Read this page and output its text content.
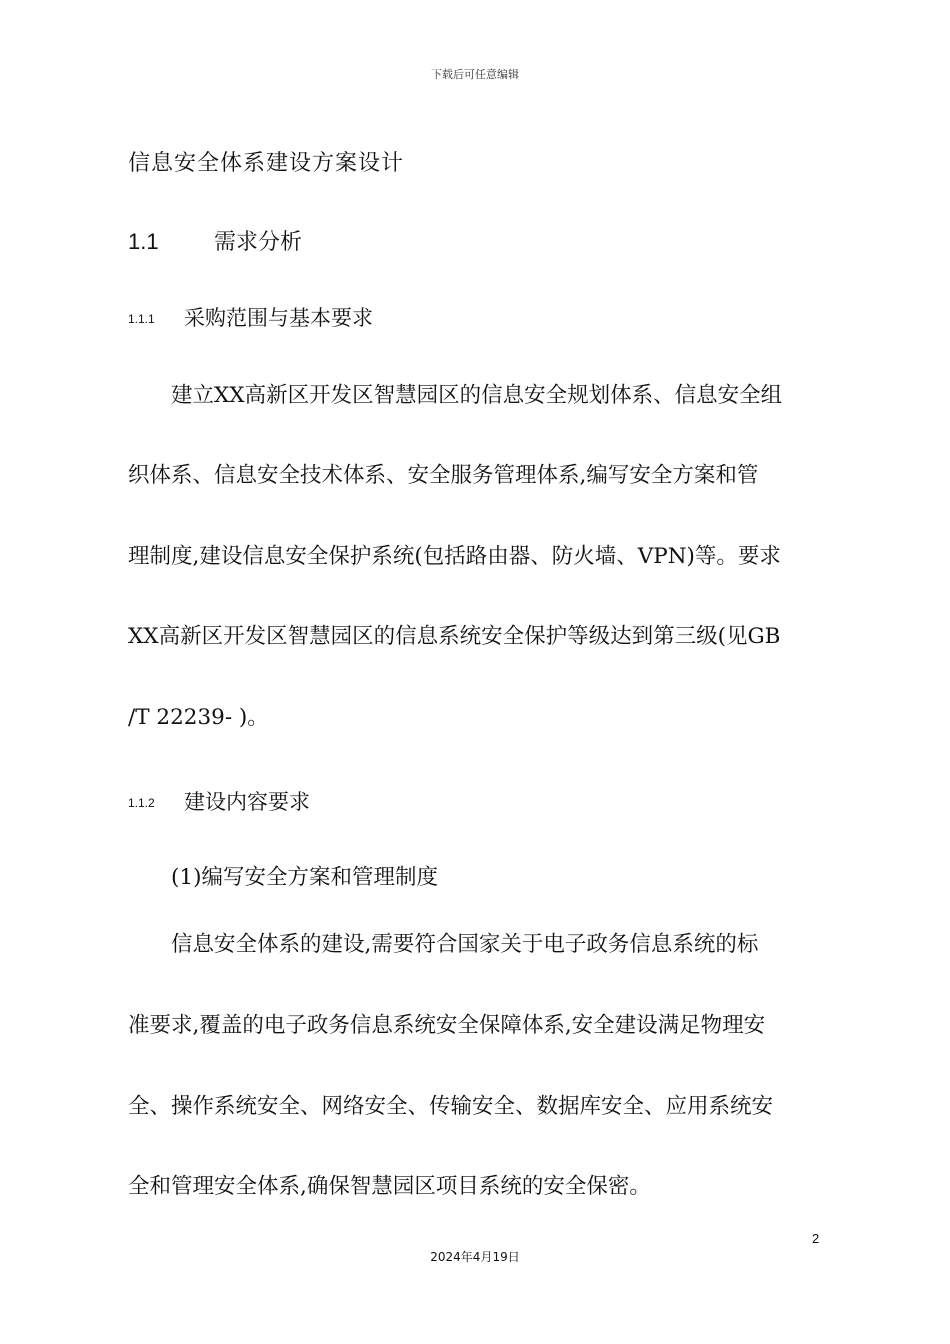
下载后可任意编辑
信息安全体系建设方案设计
1.1	需求分析
1.1.1 采购范围与基本要求
　　建立XX高新区开发区智慧园区的信息安全规划体系、信息安全组
织体系、信息安全技术体系、安全服务管理体系,编写安全方案和管
理制度,建设信息安全保护系统(包括路由器、防火墙、VPN)等。要求
XX高新区开发区智慧园区的信息系统安全保护等级达到第三级(见GB
/T 22239- )。
1.1.2 建设内容要求
　　(1)编写安全方案和管理制度
　　信息安全体系的建设,需要符合国家关于电子政务信息系统的标
准要求,覆盖的电子政务信息系统安全保障体系,安全建设满足物理安
全、操作系统安全、网络安全、传输安全、数据库安全、应用系统安
全和管理安全体系,确保智慧园区项目系统的安全保密。
2
2024年4月19日
